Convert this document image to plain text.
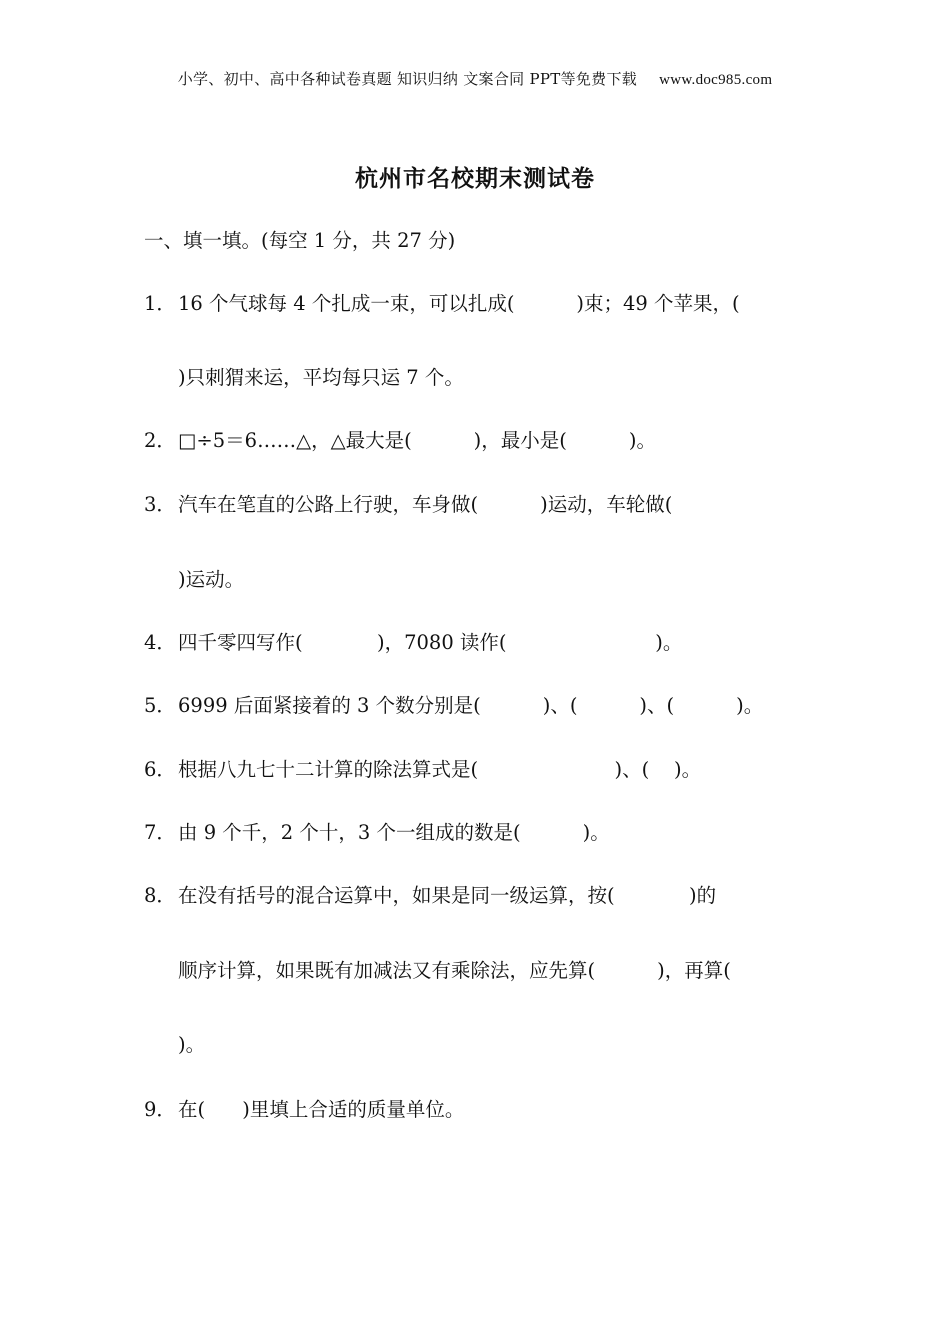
小学、初中、高中各种试卷真题 知识归纳 文案合同 PPT等免费下载 www.doc985.com
杭州市名校期末测试卷
一、填一填。(每空 1 分，共 27 分)
1． 16 个气球每 4 个扎成一束，可以扎成(          )束；49 个苹果，(
)只刺猬来运，平均每只运 7 个。
2． □÷5＝6……△，△最大是(          )，最小是(          )。
3． 汽车在笔直的公路上行驶，车身做(          )运动，车轮做(
)运动。
4． 四千零四写作(            )，7080 读作(                        )。
5． 6999 后面紧接着的 3 个数分别是(          )、(          )、(          )。
6． 根据八九七十二计算的除法算式是(                      )、(    )。
7． 由 9 个千，2 个十，3 个一组成的数是(          )。
8． 在没有括号的混合运算中，如果是同一级运算，按(            )的
顺序计算，如果既有加减法又有乘除法，应先算(          )，再算(
)。
9． 在(      )里填上合适的质量单位。
